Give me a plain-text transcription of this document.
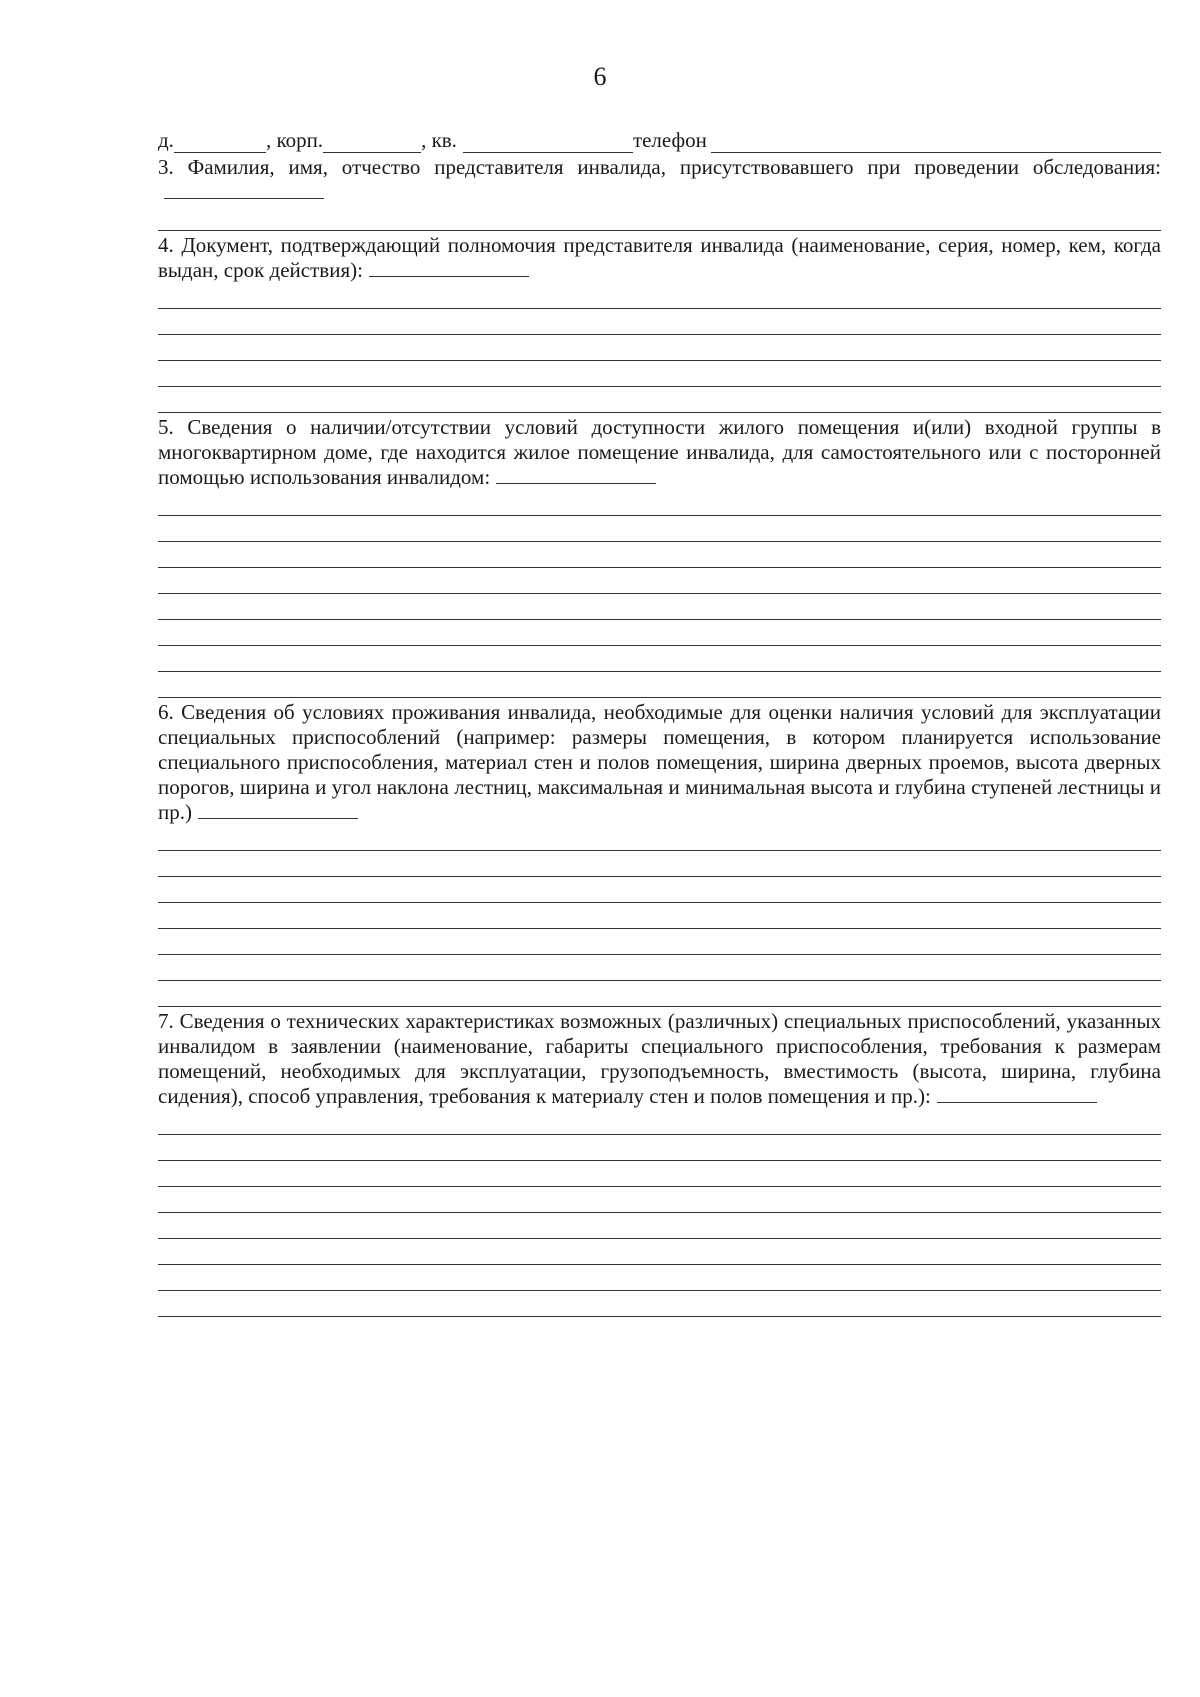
6
д.	, корп.	, кв.	телефон
3. Фамилия, имя, отчество представителя инвалида, присутствовавшего при проведении обследования:
4. Документ, подтверждающий полномочия представителя инвалида (наименование, серия, номер, кем, когда выдан, срок действия):
5. Сведения о наличии/отсутствии условий доступности жилого помещения и(или) входной группы в многоквартирном доме, где находится жилое помещение инвалида, для самостоятельного или с посторонней помощью использования инвалидом:
6. Сведения об условиях проживания инвалида, необходимые для оценки наличия условий для эксплуатации специальных приспособлений (например: размеры помещения, в котором планируется использование специального приспособления, материал стен и полов помещения, ширина дверных проемов, высота дверных порогов, ширина и угол наклона лестниц, максимальная и минимальная высота и глубина ступеней лестницы и пр.)
7. Сведения о технических характеристиках возможных (различных) специальных приспособлений, указанных инвалидом в заявлении (наименование, габариты специального приспособления, требования к размерам помещений, необходимых для эксплуатации, грузоподъемность, вместимость (высота, ширина, глубина сидения), способ управления, требования к материалу стен и полов помещения и пр.):
